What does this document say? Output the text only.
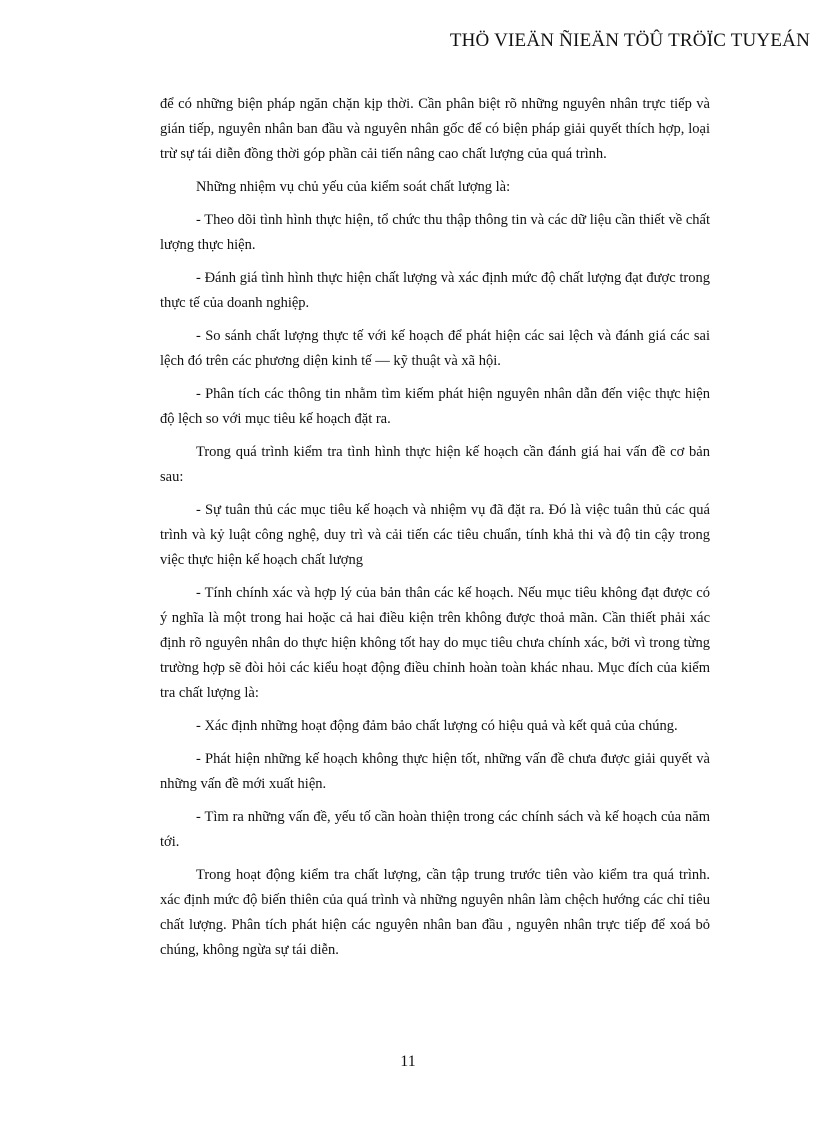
THÖ VIEÄN ÑIEÄN TÖÛ TRÖÏC TUYEÁN

để có những biện pháp ngăn chặn kịp thời. Cần phân biệt rõ những nguyên nhân trực tiếp và gián tiếp, nguyên nhân ban đầu và nguyên nhân gốc để có biện pháp giải quyết thích hợp, loại trừ sự tái diễn đồng thời góp phần cải tiến nâng cao chất lượng của quá trình.

Những nhiệm vụ chủ yếu của kiểm soát chất lượng là:

- Theo dõi tình hình thực hiện, tổ chức thu thập thông tin và các dữ liệu cần thiết về chất lượng thực hiện.

- Đánh giá tình hình thực hiện chất lượng và xác định mức độ chất lượng đạt được trong thực tế của doanh nghiệp.

- So sánh chất lượng thực tế với kế hoạch để phát hiện các sai lệch và đánh giá các sai lệch đó trên các phương diện kinh tế — kỹ thuật và xã hội.

- Phân tích các thông tin nhằm tìm kiếm phát hiện nguyên nhân dẫn đến việc thực hiện độ lệch so với mục tiêu kế hoạch đặt ra.

Trong quá trình kiểm tra tình hình thực hiện kế hoạch cần đánh giá hai vấn đề cơ bản sau:

- Sự tuân thủ các mục tiêu kế hoạch và nhiệm vụ đã đặt ra. Đó là việc tuân thủ các quá trình và kỷ luật công nghệ, duy trì và cải tiến các tiêu chuẩn, tính khả thi và độ tin cậy trong việc thực hiện kế hoạch chất lượng

- Tính chính xác và hợp lý của bản thân các kế hoạch. Nếu mục tiêu không đạt được có ý nghĩa là một trong hai hoặc cả hai điều kiện trên không được thoả mãn. Cần thiết phải xác định rõ nguyên nhân do thực hiện không tốt hay do mục tiêu chưa chính xác, bởi vì trong từng trường hợp sẽ đòi hỏi các kiểu hoạt động điều chỉnh hoàn toàn khác nhau. Mục đích của kiểm tra chất lượng là:

- Xác định những hoạt động đảm bảo chất lượng có hiệu quả và kết quả của chúng.

- Phát hiện những kế hoạch không thực hiện tốt, những vấn đề chưa được giải quyết và những vấn đề mới xuất hiện.

- Tìm ra những vấn đề, yếu tố cần hoàn thiện trong các chính sách và kế hoạch của năm tới.

Trong hoạt động kiểm tra chất lượng, cần tập trung trước tiên vào kiểm tra quá trình. xác định mức độ biến thiên của quá trình và những nguyên nhân làm chệch hướng các chỉ tiêu chất lượng. Phân tích phát hiện các nguyên nhân ban đầu , nguyên nhân trực tiếp để xoá bỏ chúng, không ngừa sự tái diễn.

11
